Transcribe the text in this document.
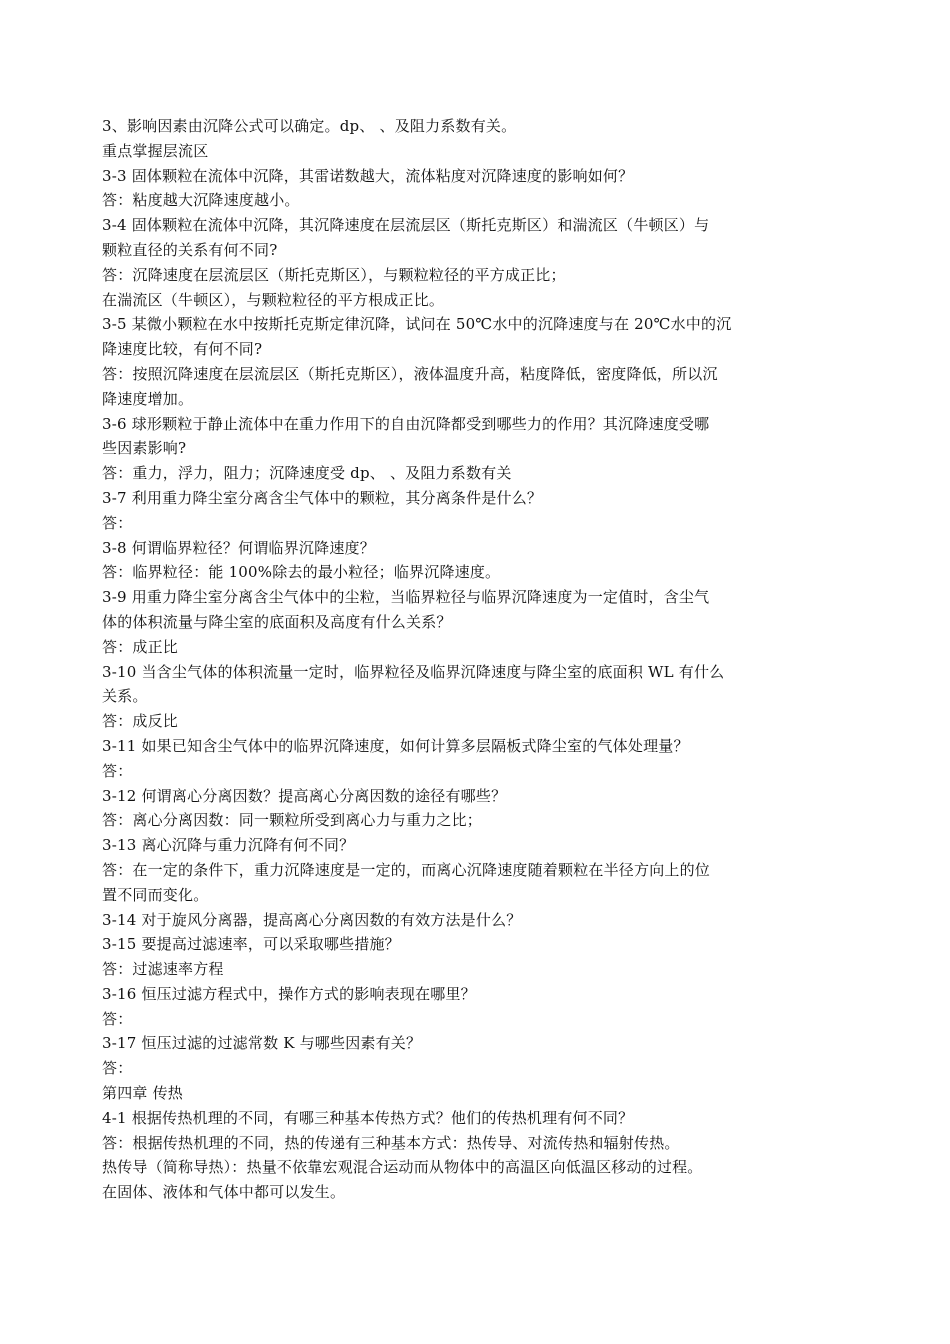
3、影响因素由沉降公式可以确定。dp、 、及阻力系数有关。
重点掌握层流区
3-3 固体颗粒在流体中沉降，其雷诺数越大，流体粘度对沉降速度的影响如何？
答：粘度越大沉降速度越小。
3-4 固体颗粒在流体中沉降，其沉降速度在层流层区（斯托克斯区）和湍流区（牛顿区）与
颗粒直径的关系有何不同?
答：沉降速度在层流层区（斯托克斯区），与颗粒粒径的平方成正比；
在湍流区（牛顿区），与颗粒粒径的平方根成正比。
3-5 某微小颗粒在水中按斯托克斯定律沉降，试问在 50℃水中的沉降速度与在 20℃水中的沉
降速度比较，有何不同?
答：按照沉降速度在层流层区（斯托克斯区），液体温度升高，粘度降低，密度降低，所以沉
降速度增加。
3-6 球形颗粒于静止流体中在重力作用下的自由沉降都受到哪些力的作用？其沉降速度受哪
些因素影响?
答：重力，浮力，阻力；沉降速度受 dp、 、及阻力系数有关
3-7 利用重力降尘室分离含尘气体中的颗粒，其分离条件是什么？
答：
3-8 何谓临界粒径？何谓临界沉降速度？
答：临界粒径：能 100%除去的最小粒径；临界沉降速度。
3-9 用重力降尘室分离含尘气体中的尘粒，当临界粒径与临界沉降速度为一定值时，含尘气
体的体积流量与降尘室的底面积及高度有什么关系？
答：成正比
3-10 当含尘气体的体积流量一定时，临界粒径及临界沉降速度与降尘室的底面积 WL 有什么
关系。
答：成反比
3-11 如果已知含尘气体中的临界沉降速度，如何计算多层隔板式降尘室的气体处理量？
答：
3-12 何谓离心分离因数？提高离心分离因数的途径有哪些？
答：离心分离因数：同一颗粒所受到离心力与重力之比；
3-13 离心沉降与重力沉降有何不同？
答：在一定的条件下，重力沉降速度是一定的，而离心沉降速度随着颗粒在半径方向上的位
置不同而变化。
3-14 对于旋风分离器，提高离心分离因数的有效方法是什么？
3-15 要提高过滤速率，可以采取哪些措施？
答：过滤速率方程
3-16 恒压过滤方程式中，操作方式的影响表现在哪里？
答：
3-17 恒压过滤的过滤常数 K 与哪些因素有关？
答：
第四章 传热
4-1 根据传热机理的不同，有哪三种基本传热方式？他们的传热机理有何不同？
答：根据传热机理的不同，热的传递有三种基本方式：热传导、对流传热和辐射传热。
热传导（简称导热）：热量不依靠宏观混合运动而从物体中的高温区向低温区移动的过程。
在固体、液体和气体中都可以发生。
